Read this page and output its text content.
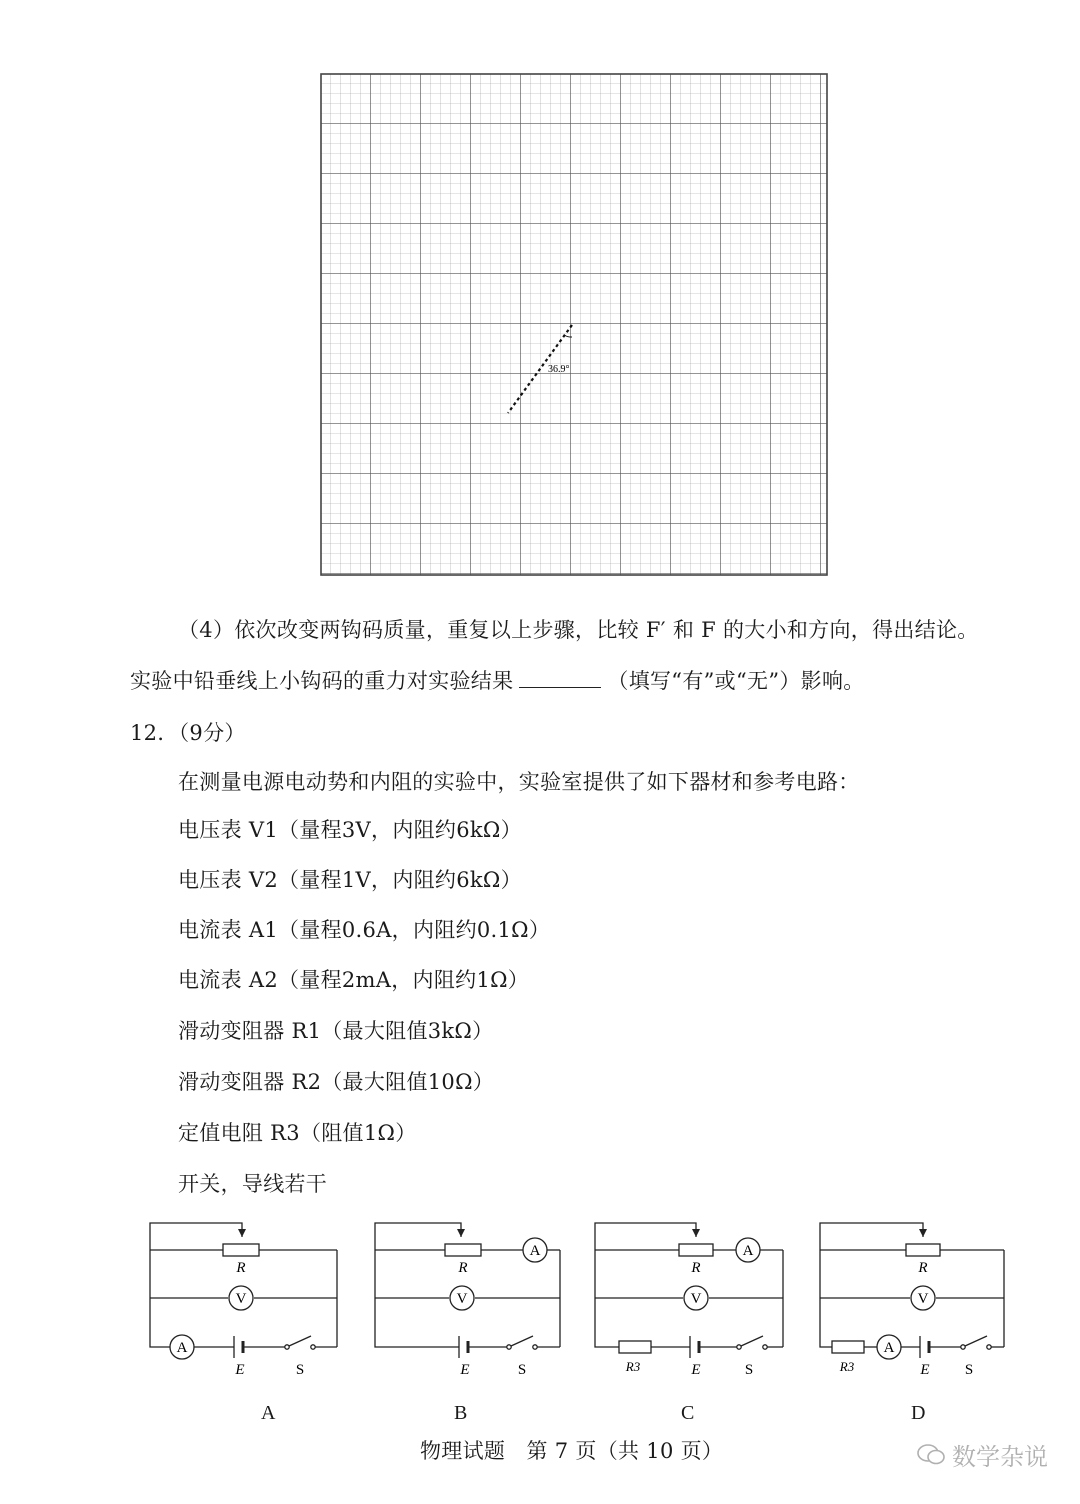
36.9°
（4）依次改变两钩码质量，重复以上步骤，比较 F′ 和 F 的大小和方向，得出结论。
实验中铅垂线上小钩码的重力对实验结果	（填写“有”或“无”）影响。
12．（9分）
在测量电源电动势和内阻的实验中，实验室提供了如下器材和参考电路：
电压表 V1（量程3V，内阻约6kΩ）
电压表 V2（量程1V，内阻约6kΩ）
电流表 A1（量程0.6A，内阻约0.1Ω）
电流表 A2（量程2mA，内阻约1Ω）
滑动变阻器 R1（最大阻值3kΩ）
滑动变阻器 R2（最大阻值10Ω）
定值电阻 R3（阻值1Ω）
开关，导线若干
V
A
R
E	S
A
V
R
E	S
A
V
R
R3	E	S
V
A
R
R3	E S
A	B	C	D
物理试题　第 7 页（共 10 页）	数学杂说
